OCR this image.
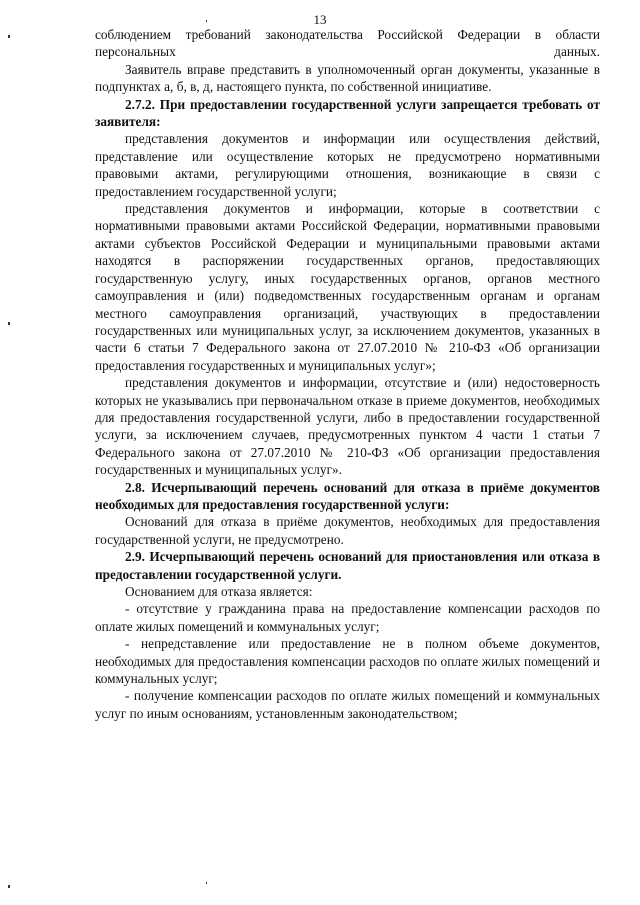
13

соблюдением требований законодательства Российской Федерации в области персональных данных.

Заявитель вправе представить в уполномоченный орган документы, указанные в подпунктах а, б, в, д, настоящего пункта, по собственной инициативе.

2.7.2. При предоставлении государственной услуги запрещается требовать от заявителя:

представления документов и информации или осуществления действий, представление или осуществление которых не предусмотрено нормативными правовыми актами, регулирующими отношения, возникающие в связи с предоставлением государственной услуги;

представления документов и информации, которые в соответствии с нормативными правовыми актами Российской Федерации, нормативными правовыми актами субъектов Российской Федерации и муниципальными правовыми актами находятся в распоряжении государственных органов, предоставляющих государственную услугу, иных государственных органов, органов местного самоуправления и (или) подведомственных государственным органам и органам местного самоуправления организаций, участвующих в предоставлении государственных или муниципальных услуг, за исключением документов, указанных в части 6 статьи 7 Федерального закона от 27.07.2010 № 210-ФЗ «Об организации предоставления государственных и муниципальных услуг»;

представления документов и информации, отсутствие и (или) недостоверность которых не указывались при первоначальном отказе в приеме документов, необходимых для предоставления государственной услуги, либо в предоставлении государственной услуги, за исключением случаев, предусмотренных пунктом 4 части 1 статьи 7 Федерального закона от 27.07.2010 № 210-ФЗ «Об организации предоставления государственных и муниципальных услуг».

2.8. Исчерпывающий перечень оснований для отказа в приёме документов необходимых для предоставления государственной услуги:

Оснований для отказа в приёме документов, необходимых для предоставления государственной услуги, не предусмотрено.

2.9. Исчерпывающий перечень оснований для приостановления или отказа в предоставлении государственной услуги.

Основанием для отказа является:

- отсутствие у гражданина права на предоставление компенсации расходов по оплате жилых помещений и коммунальных услуг;

- непредставление или предоставление не в полном объеме документов, необходимых для предоставления компенсации расходов по оплате жилых помещений и коммунальных услуг;

- получение компенсации расходов по оплате жилых помещений и коммунальных услуг по иным основаниям, установленным законодательством;
